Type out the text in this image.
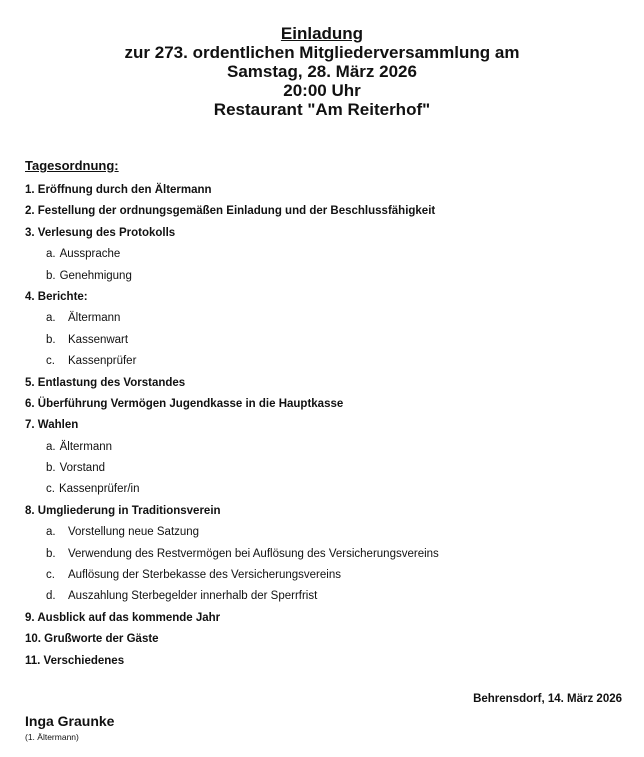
Einladung
zur 273. ordentlichen Mitgliederversammlung am
Samstag, 28. März 2026
20:00 Uhr
Restaurant "Am Reiterhof"
Tagesordnung:
1. Eröffnung durch den Ältermann
2. Festellung der ordnungsgemäßen Einladung und der Beschlussfähigkeit
3. Verlesung des Protokolls
a. Aussprache
b. Genehmigung
4. Berichte:
a. Ältermann
b. Kassenwart
c. Kassenprüfer
5. Entlastung des Vorstandes
6. Überführung Vermögen Jugendkasse in die Hauptkasse
7. Wahlen
a. Ältermann
b. Vorstand
c. Kassenprüfer/in
8. Umgliederung in Traditionsverein
a. Vorstellung neue Satzung
b. Verwendung des Restvermögen bei Auflösung des Versicherungsvereins
c. Auflösung der Sterbekasse des Versicherungsvereins
d. Auszahlung Sterbegelder innerhalb der Sperrfrist
9. Ausblick auf das kommende Jahr
10. Grußworte der Gäste
11. Verschiedenes
Behrensdorf, 14. März 2026
Inga Graunke
(1. Ältermann)
